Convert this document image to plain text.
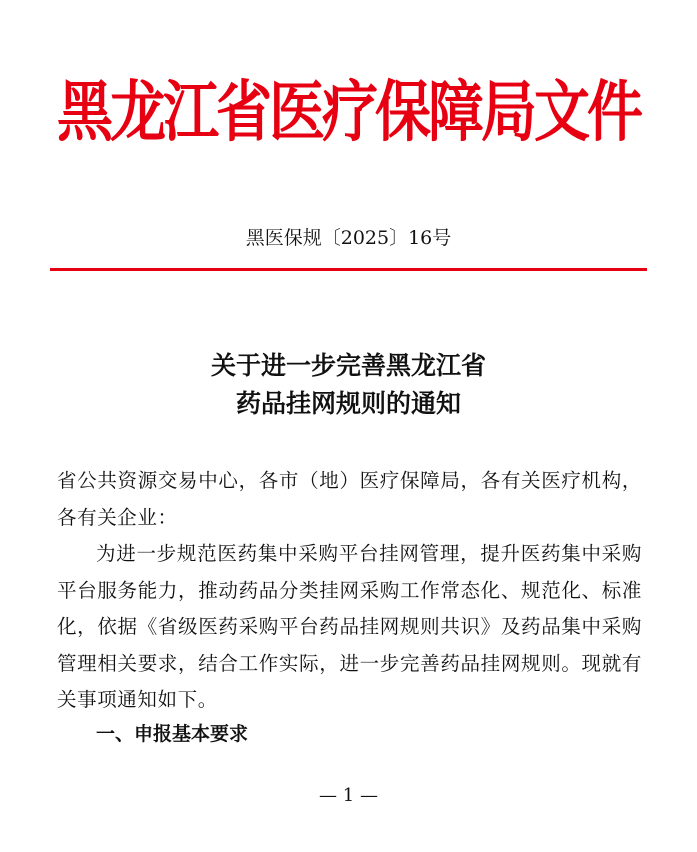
黑龙江省医疗保障局文件
黑医保规〔2025〕16号
关于进一步完善黑龙江省
药品挂网规则的通知

省公共资源交易中心，各市（地）医疗保障局，各有关医疗机构，各有关企业：

为进一步规范医药集中采购平台挂网管理，提升医药集中采购平台服务能力，推动药品分类挂网采购工作常态化、规范化、标准化，依据《省级医药采购平台药品挂网规则共识》及药品集中采购管理相关要求，结合工作实际，进一步完善药品挂网规则。现就有关事项通知如下。

一、申报基本要求
— 1 —
